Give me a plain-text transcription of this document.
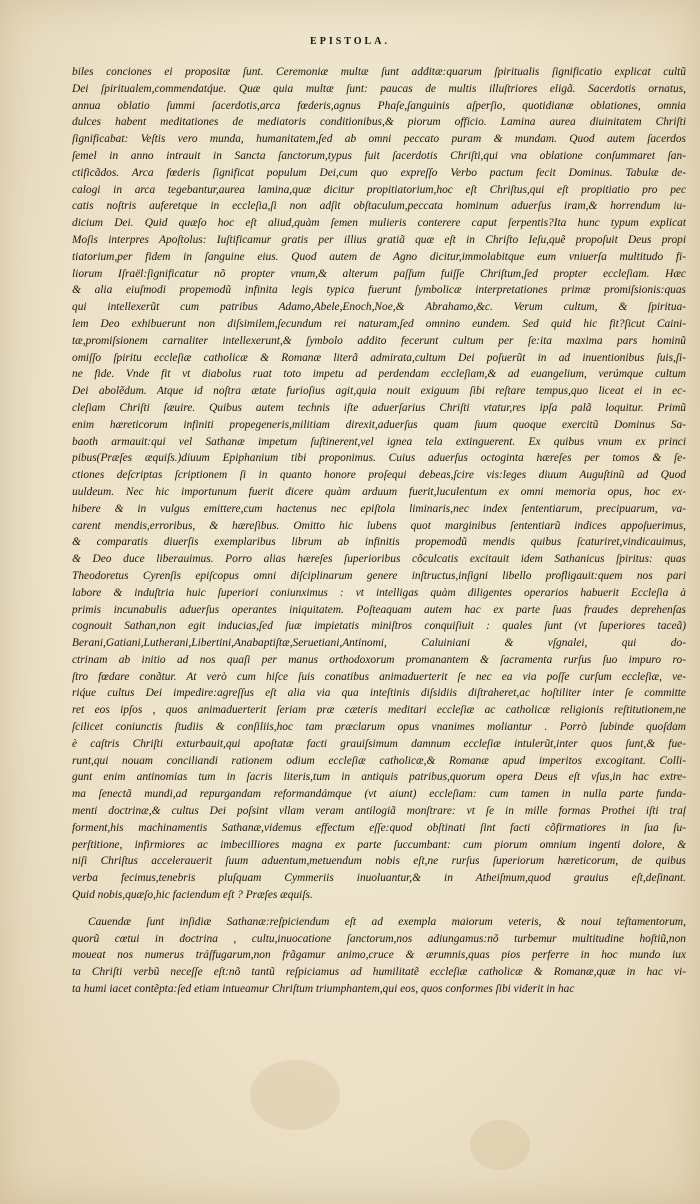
EPISTOLA.
biles conciones ei propositæ ſunt. Ceremoniæ multæ ſunt additæ:quarum ſpiritualis ſignificatio explicat cultũ
Dei ſpiritualem,commendatq́ue. Quæ quia multæ ſunt: paucas de multis illuſtriores eligã. Sacerdotis ornatus,
annua oblatio ſummi ſacerdotis,arca fœderis,agnus Phaſe,ſanguinis aſperſio, quotidianæ oblationes, omnia
dulces habent meditationes de mediatoris conditionibus,& piorum officio. Lamina aurea diuinitatem Chriſti
ſignificabat: Veſtis vero munda, humanitatem,ſed ab omni peccato puram & mundam. Quod autem ſacerdos
ſemel in anno intrauit in Sancta ſanctorum,typus fuit ſacerdotis Chriſti,qui vna oblatione conſummaret ſan-
ctificãdos. Arca fœderis ſignificat populum Dei,cum quo expreſſo Verbo pactum fecit Dominus. Tabulæ de-
calogi in arca tegebantur,aurea lamina,quæ dicitur propitiatorium,hoc eſt Chriſtus,qui eſt propitiatio pro pec
catis noſtris auferetque in eccleſia,ſi non adſit obſtaculum,peccata hominum aduerſus iram,& horrendum iu-
dicium Dei. Quid quæſo hoc eſt aliud,quàm ſemen mulieris conterere caput ſerpentis?Ita hunc typum explicat
Moſis interpres Apoſtolus: Iuſtificamur gratis per illius gratiã quæ eſt in Chriſto Ieſu,quẽ propoſuit Deus propi
tiatorium,per fidem in ſanguine eius. Quod autem de Agno dicitur,immolabitque eum vniuerſa multitudo fi-
liorum Iſraël:ſignificatur nõ propter vnum,& alterum paſſum fuiſſe Chriſtum,ſed propter eccleſiam. Hæc
& alia eiuſmodi propemodũ infinita legis typica fuerunt ſymbolicæ interpretationes primæ promiſsionis:quas
qui intellexerũt cum patribus Adamo,Abele,Enoch,Noe,& Abrahamo,&c. Verum cultum, & ſpiritua-
lem Deo exhibuerunt non diſsimilem,ſecundum rei naturam,ſed omnino eundem. Sed quid hic fit?ſicut Caini-
tæ,promiſsionem carnaliter intellexerunt,& ſymbolo addito fecerunt cultum per ſe:ita maxima pars hominũ
omiſſo ſpiritu eccleſiæ catholicæ & Romanæ literã admirata,cultum Dei poſuerũt in ad inuentionibus ſuis,ſi-
ne fide. Vnde fit vt diabolus ruat toto impetu ad perdendam eccleſiam,& ad euangelium, verúmque cultum
Dei abolẽdum. Atque id noſtra ætate furioſius agit,quia nouit exiguum ſibi reſtare tempus,quo liceat ei in ec-
cleſiam Chriſti ſæuire. Quibus autem technis iſte aduerſarius Chriſti vtatur,res ipſa palã loquitur. Primũ
enim hæreticorum infiniti propegeneris,militiam direxit,aduerſus quam ſuum quoque exercitũ Dominus Sa-
baoth armauit:qui vel Sathanæ impetum ſuſtinerent,vel ignea tela extinguerent. Ex quibus vnum ex princi
pibus(Præſes æquiſs.)diuum Epiphanium tibi proponimus. Cuius aduerſus octoginta hæreſes per tomos & ſe-
ctiones deſcriptas ſcriptionem ſi in quanto honore proſequi debeas,ſcire vis:leges diuum Auguſtinũ ad Quod
uuldeum. Nec hic importunum fuerit dicere quàm arduum fuerit,luculentum ex omni memoria opus, hoc ex-
hibere & in vulgus emittere,cum hactenus nec epiſtola liminaris,nec index ſententiarum, precipuarum, va-
carent mendis,erroribus, & hæreſibus. Omitto hic lubens quot marginibus ſententiarũ indices appoſuerimus,
& comparatis diuerſis exemplaribus librum ab infinitis propemodũ mendis quibus ſcaturiret,vindicauimus,
& Deo duce liberauimus. Porro alias hæreſes ſuperioribus cõculcatis excitauit idem Sathanicus ſpiritus: quas
Theodoretus Cyrenſis epiſcopus omni diſciplinarum genere inſtructus,inſigni libello profligauit:quem nos pari
labore & induſtria huic ſuperiori coniunximus : vt intelligas quàm diligentes operarios habuerit Eccleſia à
primis incunabulis aduerſus operantes iniquitatem. Poſteaquam autem hac ex parte ſuas fraudes deprehenſas
cognouit Sathan,non egit inducias,ſed ſuæ impietatis miniſtros conquiſiuit : quales ſunt (vt ſuperiores taceã)
Berani,Gatiani,Lutherani,Libertini,Anabaptiſtæ,Seruetiani,Antinomi, Caluiniani & vſgnalei, qui do-
ctrinam ab initio ad nos quaſi per manus orthodoxorum promanantem & ſacramenta rurſus ſuo impuro ro-
ſtro fœdare conãtur. At verò cum hiſce ſuis conatibus animaduerterit ſe nec ea via poſſe curſum eccleſiæ, ve-
riq́ue cultus Dei impedire:agreſſus eſt alia via qua inteſtinis diſsidiis diſtraheret,ac hoſtiliter inter ſe committe
ret eos ipſos , quos animaduerterit ſeriam præ cæteris meditari eccleſiæ ac catholicæ religionis reſtitutionem,ne
ſcilicet coniunctis ſtudiis & conſiliis,hoc tam præclarum opus vnanimes moliantur . Porrò ſubinde quoſdam
è caſtris Chriſti exturbauit,qui apoſtatæ facti grauiſsimum damnum eccleſiæ intulerũt,inter quos ſunt,& fue-
runt,qui nouam conciliandi rationem odium eccleſiæ catholicæ,& Romanæ apud imperitos excogitant. Colli-
gunt enim antinomias tum in ſacris literis,tum in antiquis patribus,quorum opera Deus eſt vſus,in hac extre-
ma ſenectã mundi,ad repurgandam reformandámque (vt aiunt) eccleſiam: cum tamen in nulla parte funda-
menti doctrinæ,& cultus Dei poſsint vllam veram antilogiã monſtrare: vt ſe in mille formas Prothei iſti traſ
forment,his machinamentis Sathanæ,videmus effectum eſſe:quod obſtinati ſint facti cõfirmatiores in ſua ſu-
perſtitione, infirmiores ac imbecilliores magna ex parte ſuccumbant: cum piorum omnium ingenti dolore, &
niſi Chriſtus accelerauerit ſuum aduentum,metuendum nobis eſt,ne rurſus ſuperiorum hæreticorum, de quibus
verba fecimus,tenebris pluſquam Cymmeriis inuoluantur,& in Atheiſmum,quod grauius eſt,deſinant.
Quid nobis,quæſo,hic faciendum eſt ? Præſes æquiſs.
Cauendæ ſunt inſidiæ Sathanæ:reſpiciendum eſt ad exempla maiorum veteris, & noui teſtamentorum,
quorũ cœtui in doctrina , cultu,inuocatione ſanctorum,nos adiungamus:nõ turbemur multitudine hoſtiũ,non
moueat nos numerus tráſfugarum,non frãgamur animo,cruce & ærumnis,quas pios perferre in hoc mundo iux
ta Chriſti verbũ neceſſe eſt:nõ tantũ reſpiciamus ad humilitatẽ eccleſiæ catholicæ & Romanæ,quæ in hac vi-
ta humi iacet contẽpta:ſed etiam intueamur Chriſtum triumphantem,qui eos, quos conformes ſibi viderit in hac
